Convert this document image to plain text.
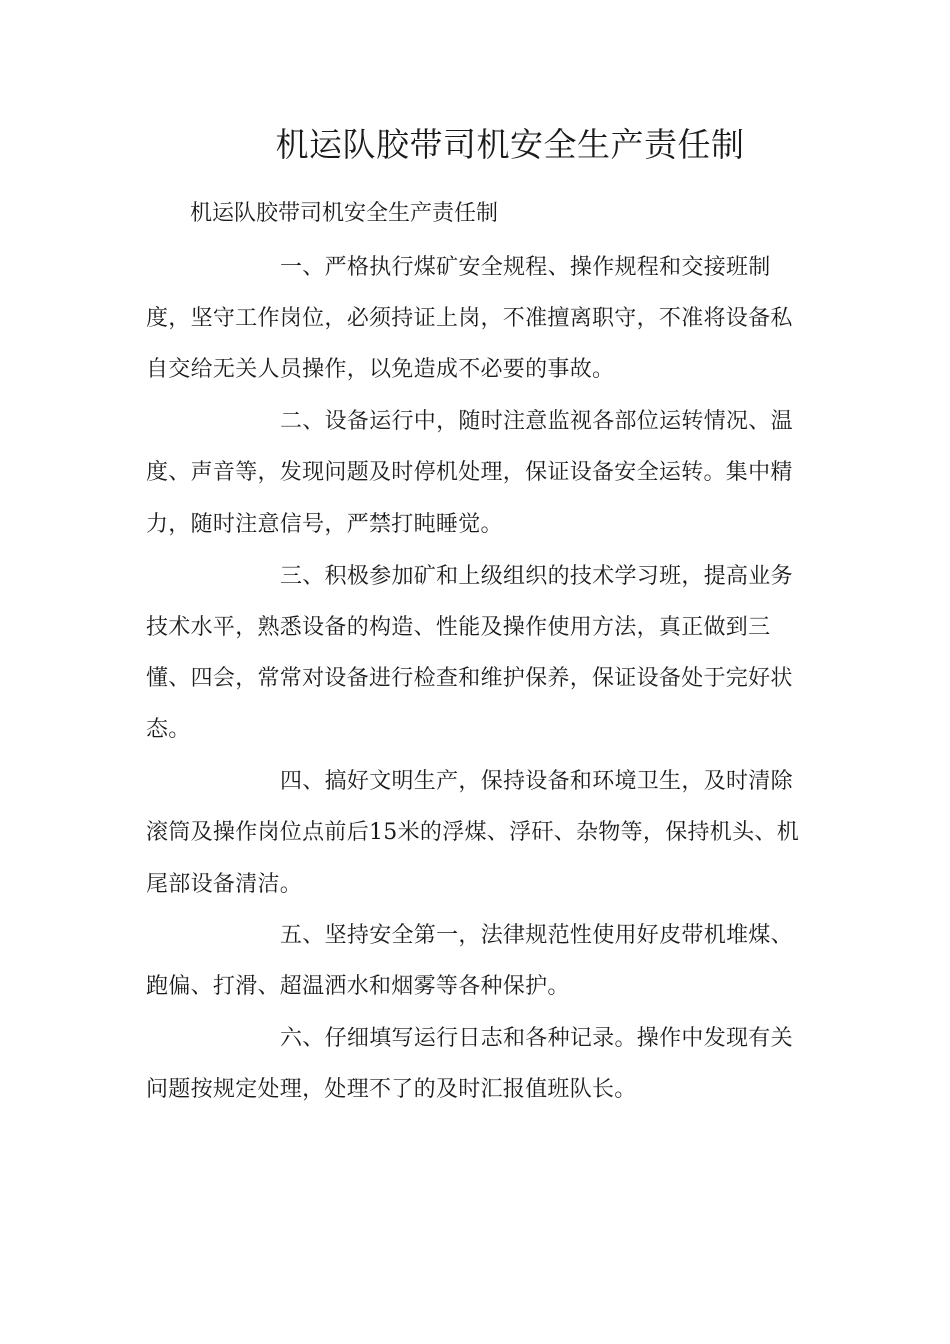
机运队胶带司机安全生产责任制
机运队胶带司机安全生产责任制
一、严格执行煤矿安全规程、操作规程和交接班制
度，坚守工作岗位，必须持证上岗，不准擅离职守，不准将设备私
自交给无关人员操作，以免造成不必要的事故。
二、设备运行中，随时注意监视各部位运转情况、温
度、声音等，发现问题及时停机处理，保证设备安全运转。集中精
力，随时注意信号，严禁打盹睡觉。
三、积极参加矿和上级组织的技术学习班，提高业务
技术水平，熟悉设备的构造、性能及操作使用方法，真正做到三
懂、四会，常常对设备进行检查和维护保养，保证设备处于完好状
态。
四、搞好文明生产，保持设备和环境卫生，及时清除
滚筒及操作岗位点前后15米的浮煤、浮矸、杂物等，保持机头、机
尾部设备清洁。
五、坚持安全第一，法律规范性使用好皮带机堆煤、
跑偏、打滑、超温洒水和烟雾等各种保护。
六、仔细填写运行日志和各种记录。操作中发现有关
问题按规定处理，处理不了的及时汇报值班队长。
